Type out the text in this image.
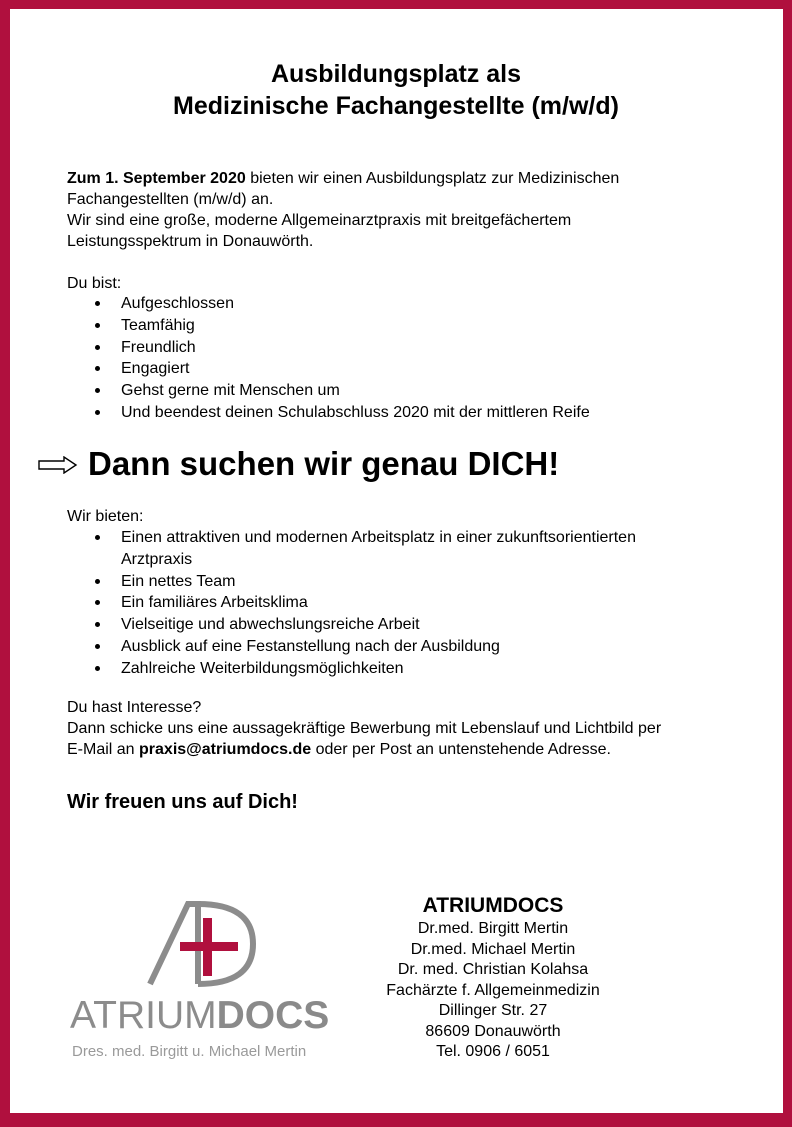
Ausbildungsplatz als
Medizinische Fachangestellte (m/w/d)
Zum 1. September 2020 bieten wir einen Ausbildungsplatz zur Medizinischen
Fachangestellten (m/w/d) an.
Wir sind eine große, moderne Allgemeinarztpraxis mit breitgefächertem
Leistungsspektrum in Donauwörth.
Du bist:
Aufgeschlossen
Teamfähig
Freundlich
Engagiert
Gehst gerne mit Menschen um
Und beendest deinen Schulabschluss 2020 mit der mittleren Reife
Dann suchen wir genau DICH!
Wir bieten:
Einen attraktiven und modernen Arbeitsplatz in einer zukunftsorientierten
Arztpraxis
Ein nettes Team
Ein familiäres Arbeitsklima
Vielseitige und abwechslungsreiche Arbeit
Ausblick auf eine Festanstellung nach der Ausbildung
Zahlreiche Weiterbildungsmöglichkeiten
Du hast Interesse?
Dann schicke uns eine aussagekräftige Bewerbung mit Lebenslauf und Lichtbild per
E-Mail an praxis@atriumdocs.de oder per Post an untenstehende Adresse.
Wir freuen uns auf Dich!
ATRIUMDOCS
Dres. med. Birgitt u. Michael Mertin
ATRIUMDOCS
Dr.med. Birgitt Mertin
Dr.med. Michael Mertin
Dr. med. Christian Kolahsa
Fachärzte f. Allgemeinmedizin
Dillinger Str. 27
86609 Donauwörth
Tel. 0906 / 6051
